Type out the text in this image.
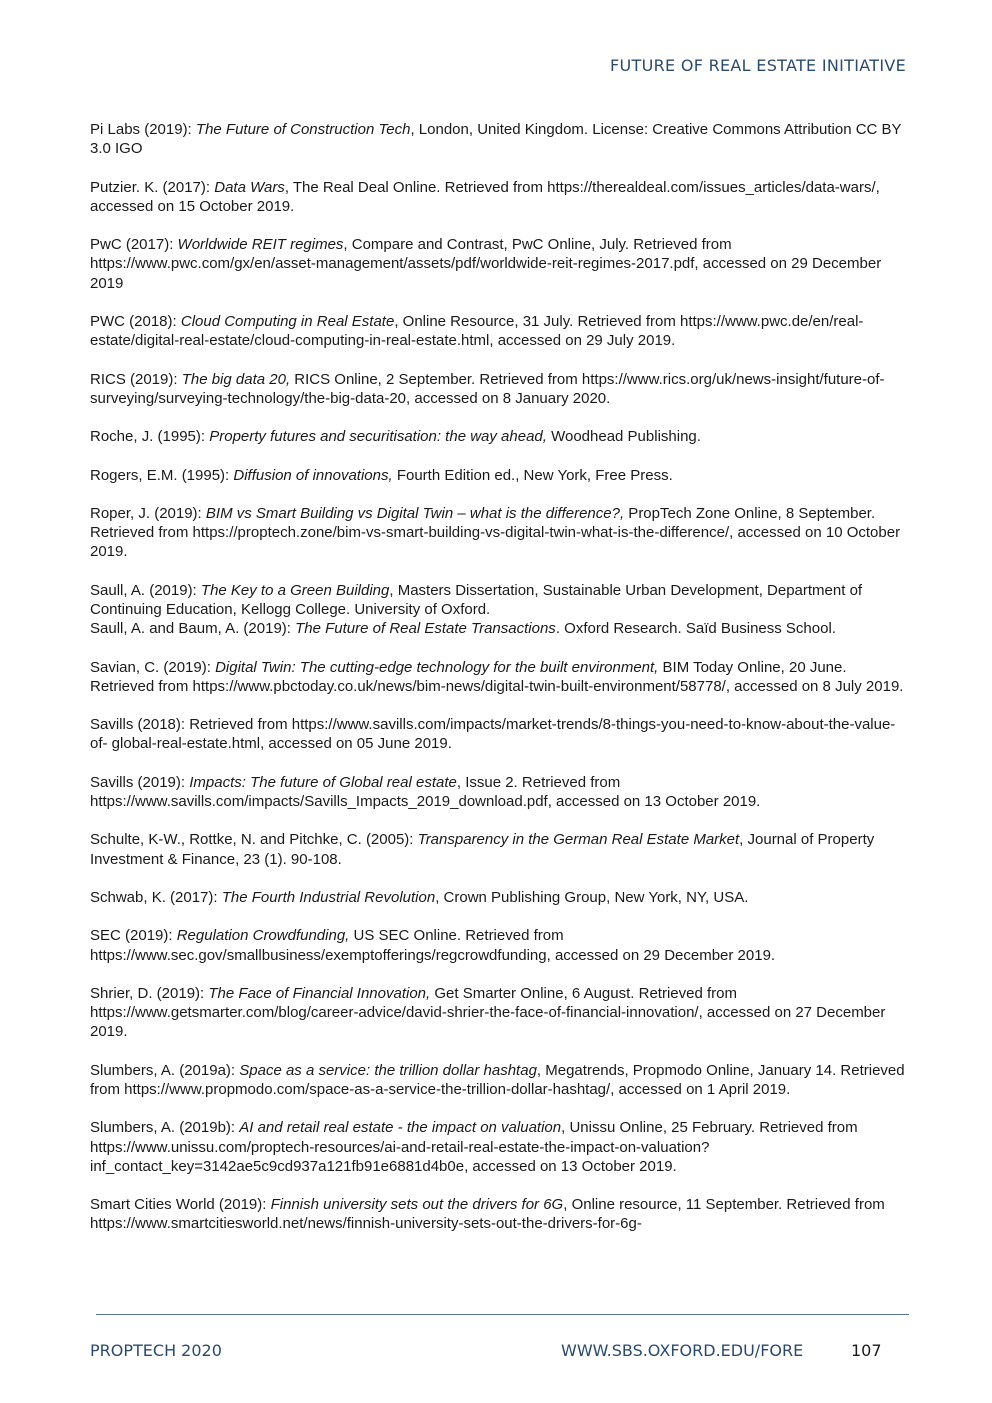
FUTURE OF REAL ESTATE INITIATIVE

Pi Labs (2019): The Future of Construction Tech, London, United Kingdom. License: Creative Commons Attribution CC BY 3.0 IGO

Putzier. K. (2017): Data Wars, The Real Deal Online. Retrieved from https://therealdeal.com/issues_articles/data-wars/, accessed on 15 October 2019.

PwC (2017): Worldwide REIT regimes, Compare and Contrast, PwC Online, July. Retrieved from https://www.pwc.com/gx/en/asset-management/assets/pdf/worldwide-reit-regimes-2017.pdf, accessed on 29 December 2019

PWC (2018): Cloud Computing in Real Estate, Online Resource, 31 July. Retrieved from https://www.pwc.de/en/real-estate/digital-real-estate/cloud-computing-in-real-estate.html, accessed on 29 July 2019.

RICS (2019): The big data 20, RICS Online, 2 September. Retrieved from https://www.rics.org/uk/news-insight/future-of-surveying/surveying-technology/the-big-data-20, accessed on 8 January 2020.

Roche, J. (1995): Property futures and securitisation: the way ahead, Woodhead Publishing.

Rogers, E.M. (1995): Diffusion of innovations, Fourth Edition ed., New York, Free Press.

Roper, J. (2019): BIM vs Smart Building vs Digital Twin – what is the difference?, PropTech Zone Online, 8 September. Retrieved from https://proptech.zone/bim-vs-smart-building-vs-digital-twin-what-is-the-difference/, accessed on 10 October 2019.

Saull, A. (2019): The Key to a Green Building, Masters Dissertation, Sustainable Urban Development, Department of Continuing Education, Kellogg College. University of Oxford.

Saull, A. and Baum, A. (2019): The Future of Real Estate Transactions. Oxford Research. Saïd Business School.

Savian, C. (2019): Digital Twin: The cutting-edge technology for the built environment, BIM Today Online, 20 June. Retrieved from https://www.pbctoday.co.uk/news/bim-news/digital-twin-built-environment/58778/, accessed on 8 July 2019.

Savills (2018): Retrieved from https://www.savills.com/impacts/market-trends/8-things-you-need-to-know-about-the-value-of- global-real-estate.html, accessed on 05 June 2019.

Savills (2019): Impacts: The future of Global real estate, Issue 2. Retrieved from https://www.savills.com/impacts/Savills_Impacts_2019_download.pdf, accessed on 13 October 2019.

Schulte, K-W., Rottke, N. and Pitchke, C. (2005): Transparency in the German Real Estate Market, Journal of Property Investment & Finance, 23 (1). 90-108.

Schwab, K. (2017): The Fourth Industrial Revolution, Crown Publishing Group, New York, NY, USA.

SEC (2019): Regulation Crowdfunding, US SEC Online. Retrieved from https://www.sec.gov/smallbusiness/exemptofferings/regcrowdfunding, accessed on 29 December 2019.

Shrier, D. (2019): The Face of Financial Innovation, Get Smarter Online, 6 August. Retrieved from https://www.getsmarter.com/blog/career-advice/david-shrier-the-face-of-financial-innovation/, accessed on 27 December 2019.

Slumbers, A. (2019a): Space as a service: the trillion dollar hashtag, Megatrends, Propmodo Online, January 14. Retrieved from https://www.propmodo.com/space-as-a-service-the-trillion-dollar-hashtag/, accessed on 1 April 2019.

Slumbers, A. (2019b): AI and retail real estate - the impact on valuation, Unissu Online, 25 February. Retrieved from https://www.unissu.com/proptech-resources/ai-and-retail-real-estate-the-impact-on-valuation?inf_contact_key=3142ae5c9cd937a121fb91e6881d4b0e, accessed on 13 October 2019.

Smart Cities World (2019): Finnish university sets out the drivers for 6G, Online resource, 11 September. Retrieved from https://www.smartcitiesworld.net/news/finnish-university-sets-out-the-drivers-for-6g-

PROPTECH 2020	WWW.SBS.OXFORD.EDU/FORE	107
